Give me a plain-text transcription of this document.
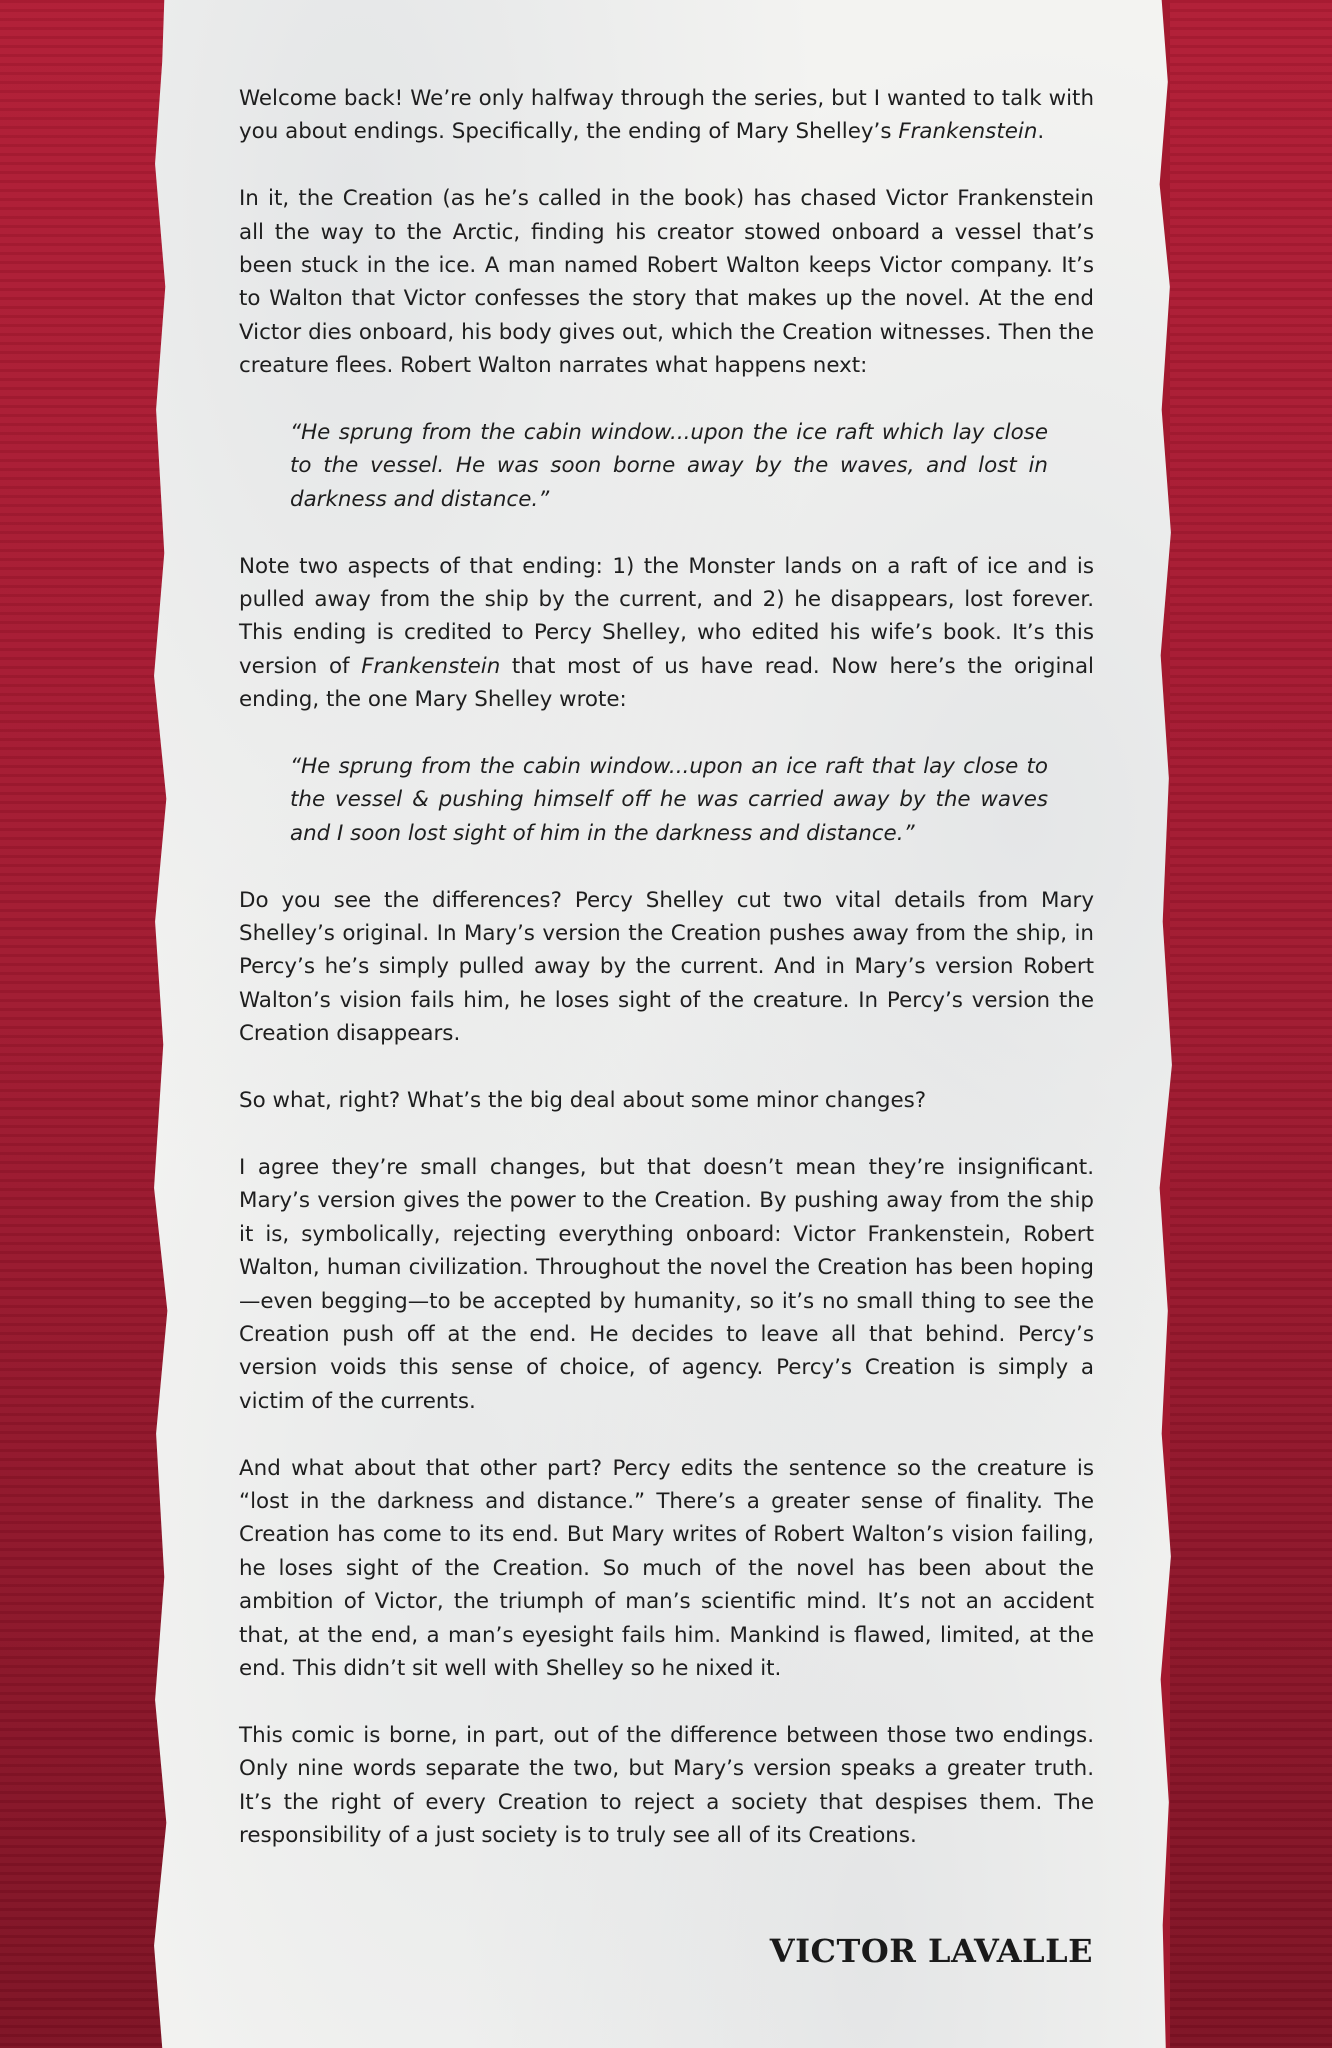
Welcome back! We’re only halfway through the series, but I wanted to talk with you about endings. Specifically, the ending of Mary Shelley’s Frankenstein.

In it, the Creation (as he’s called in the book) has chased Victor Frankenstein all the way to the Arctic, finding his creator stowed onboard a vessel that’s been stuck in the ice. A man named Robert Walton keeps Victor company. It’s to Walton that Victor confesses the story that makes up the novel. At the end Victor dies onboard, his body gives out, which the Creation witnesses. Then the creature flees. Robert Walton narrates what happens next:

“He sprung from the cabin window...upon the ice raft which lay close to the vessel. He was soon borne away by the waves, and lost in darkness and distance.”

Note two aspects of that ending: 1) the Monster lands on a raft of ice and is pulled away from the ship by the current, and 2) he disappears, lost forever. This ending is credited to Percy Shelley, who edited his wife’s book. It’s this version of Frankenstein that most of us have read. Now here’s the original ending, the one Mary Shelley wrote:

“He sprung from the cabin window...upon an ice raft that lay close to the vessel & pushing himself off he was carried away by the waves and I soon lost sight of him in the darkness and distance.”

Do you see the differences? Percy Shelley cut two vital details from Mary Shelley’s original. In Mary’s version the Creation pushes away from the ship, in Percy’s he’s simply pulled away by the current. And in Mary’s version Robert Walton’s vision fails him, he loses sight of the creature. In Percy’s version the Creation disappears.

So what, right? What’s the big deal about some minor changes?

I agree they’re small changes, but that doesn’t mean they’re insignificant. Mary’s version gives the power to the Creation. By pushing away from the ship it is, symbolically, rejecting everything onboard: Victor Frankenstein, Robert Walton, human civilization. Throughout the novel the Creation has been hoping—even begging—to be accepted by humanity, so it’s no small thing to see the Creation push off at the end. He decides to leave all that behind. Percy’s version voids this sense of choice, of agency. Percy’s Creation is simply a victim of the currents.

And what about that other part? Percy edits the sentence so the creature is “lost in the darkness and distance.” There’s a greater sense of finality. The Creation has come to its end. But Mary writes of Robert Walton’s vision failing, he loses sight of the Creation. So much of the novel has been about the ambition of Victor, the triumph of man’s scientific mind. It’s not an accident that, at the end, a man’s eyesight fails him. Mankind is flawed, limited, at the end. This didn’t sit well with Shelley so he nixed it.

This comic is borne, in part, out of the difference between those two endings. Only nine words separate the two, but Mary’s version speaks a greater truth. It’s the right of every Creation to reject a society that despises them. The responsibility of a just society is to truly see all of its Creations.

VICTOR LAVALLE
